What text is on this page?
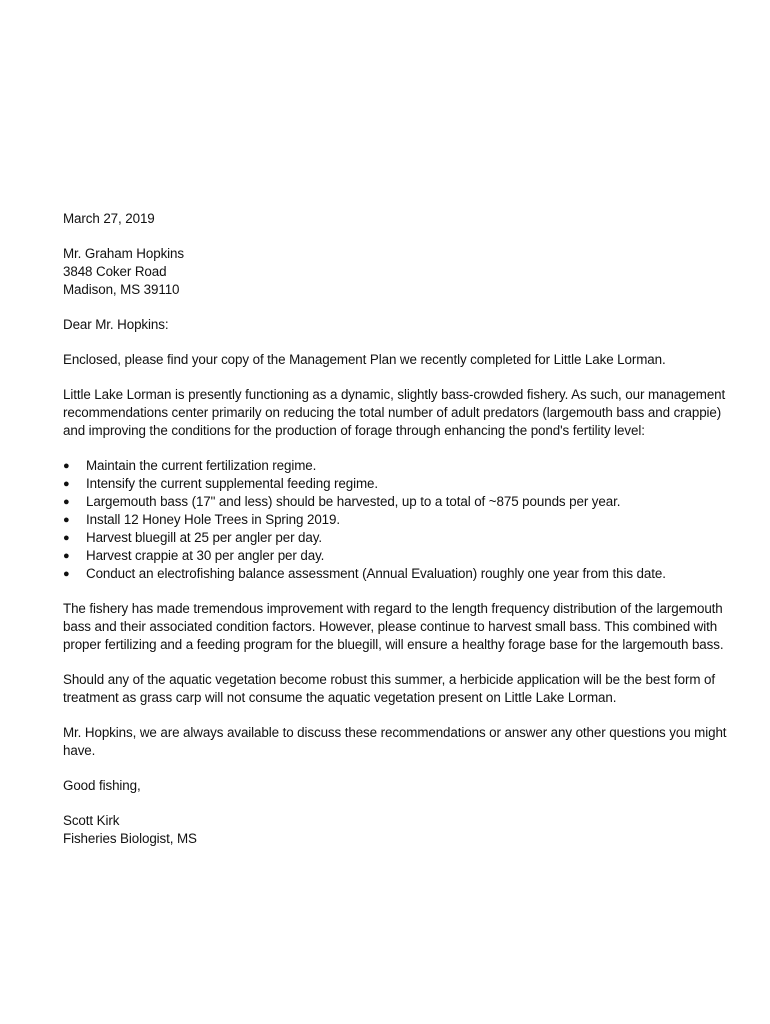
March 27, 2019

Mr. Graham Hopkins
3848 Coker Road
Madison, MS 39110

Dear Mr. Hopkins:

Enclosed, please find your copy of the Management Plan we recently completed for Little Lake Lorman.

Little Lake Lorman is presently functioning as a dynamic, slightly bass-crowded fishery. As such, our management
recommendations center primarily on reducing the total number of adult predators (largemouth bass and crappie)
and improving the conditions for the production of forage through enhancing the pond's fertility level:
● Maintain the current fertilization regime.
● Intensify the current supplemental feeding regime.
● Largemouth bass (17" and less) should be harvested, up to a total of ~875 pounds per year.
● Install 12 Honey Hole Trees in Spring 2019.
● Harvest bluegill at 25 per angler per day.
● Harvest crappie at 30 per angler per day.
● Conduct an electrofishing balance assessment (Annual Evaluation) roughly one year from this date.
The fishery has made tremendous improvement with regard to the length frequency distribution of the largemouth
bass and their associated condition factors. However, please continue to harvest small bass. This combined with
proper fertilizing and a feeding program for the bluegill, will ensure a healthy forage base for the largemouth bass.
Should any of the aquatic vegetation become robust this summer, a herbicide application will be the best form of
treatment as grass carp will not consume the aquatic vegetation present on Little Lake Lorman.
Mr. Hopkins, we are always available to discuss these recommendations or answer any other questions you might
have.

Good fishing,

Scott Kirk
Fisheries Biologist, MS
